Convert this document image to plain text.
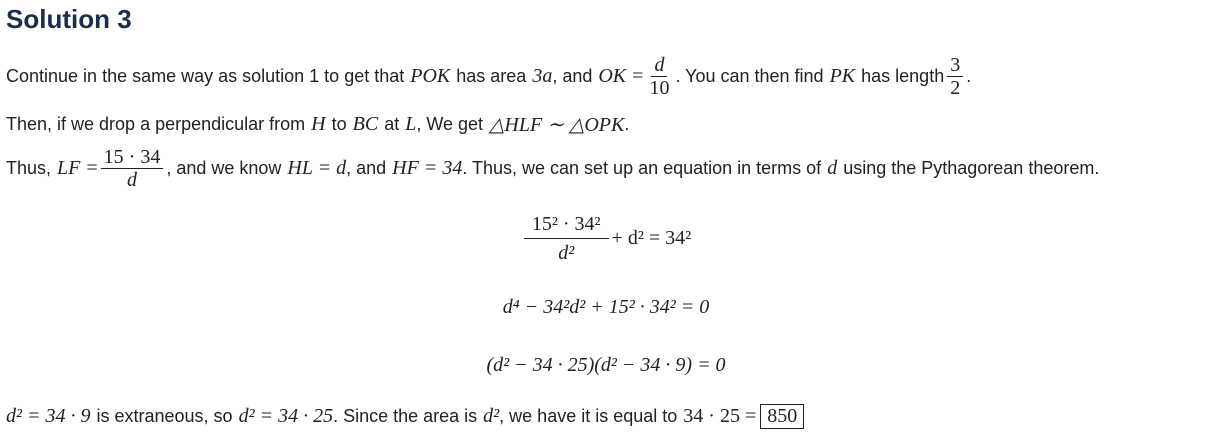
Solution 3
Continue in the same way as solution 1 to get that POK has area 3a , and OK = $\frac{d}{10}$ . You can then find PK has length $\frac{3}{2}$ .
Then, if we drop a perpendicular from H to BC at L , We get △HLF ∼ △OPK .
Thus, LF = $\frac{15 \cdot 34}{d}$ , and we know HL = d , and HF = 34 . Thus, we can set up an equation in terms of d using the Pythagorean theorem.
$\frac{\text{15² · 34²}}{\text{d²}} + d^2 = 34^2$
d⁴ − 34²d² + 15² · 34² = 0
(d² − 34 · 25)(d² − 34 · 9) = 0
d² = 34 · 9 is extraneous, so d² = 34 · 25 . Since the area is d² , we have it is equal to 34 · 25 = 850
